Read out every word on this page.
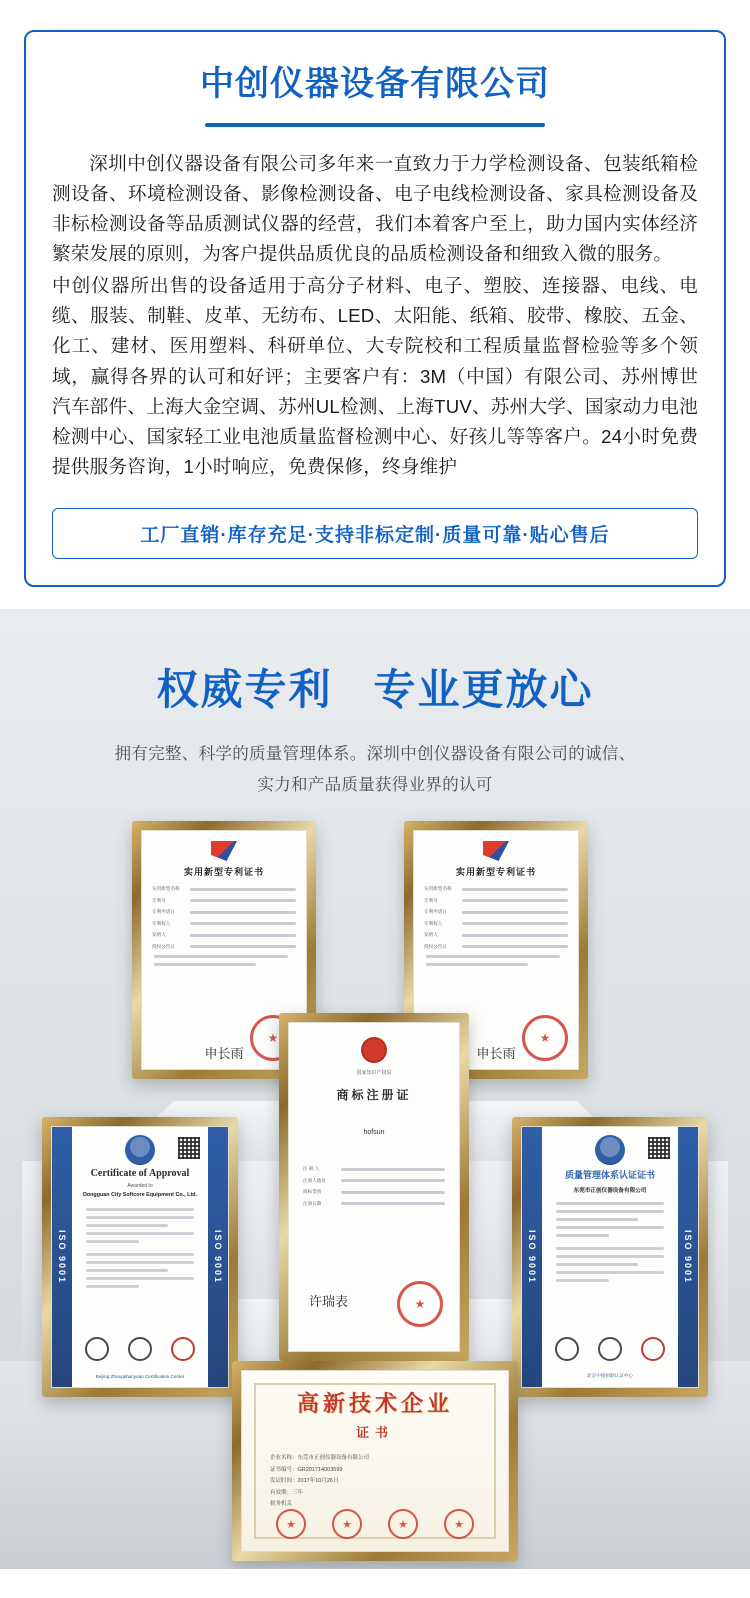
中创仪器设备有限公司

深圳中创仪器设备有限公司多年来一直致力于力学检测设备、包装纸箱检测设备、环境检测设备、影像检测设备、电子电线检测设备、家具检测设备及非标检测设备等品质测试仪器的经营，我们本着客户至上，助力国内实体经济繁荣发展的原则，为客户提供品质优良的品质检测设备和细致入微的服务。

中创仪器所出售的设备适用于高分子材料、电子、塑胶、连接器、电线、电缆、服装、制鞋、皮革、无纺布、LED、太阳能、纸箱、胶带、橡胶、五金、化工、建材、医用塑料、科研单位、大专院校和工程质量监督检验等多个领域，赢得各界的认可和好评；主要客户有：3M（中国）有限公司、苏州博世汽车部件、上海大金空调、苏州UL检测、上海TUV、苏州大学、国家动力电池检测中心、国家轻工业电池质量监督检测中心、好孩儿等等客户。24小时免费提供服务咨询，1小时响应，免费保修，终身维护

工厂直销·库存充足·支持非标定制·质量可靠·贴心售后
权威专利 专业更放心

拥有完整、科学的质量管理体系。深圳中创仪器设备有限公司的诚信、
实力和产品质量获得业界的认可

实用新型专利证书
实用新型名称
专利号
专利申请日
专利权人
发明人
授权公告日
申长雨
★
实用新型专利证书
实用新型名称
专利号
专利申请日
专利权人
发明人
授权公告日
申长雨
★
ISO 9001	ISO 9001
Certificate of Approval
Awarded to
Dongguan City Softcore Equipment Co., Ltd.
Beijing Zhongshanyuan Certification Center
ISO 9001	ISO 9001
质量管理体系认证证书
东莞市正创仪器设备有限公司
北京中园恒联认证中心
国家知识产权局
商标注册证
hofsun
注 册 人
注册人地址
商标类别
注册日期
许瑞表
★
高新技术企业
证书
企业名称：东莞市正创仪器设备有限公司
证书编号：GR201714003599
发证时间：2017年10月26日
有效期：三年
税务机关
★	★	★	★
